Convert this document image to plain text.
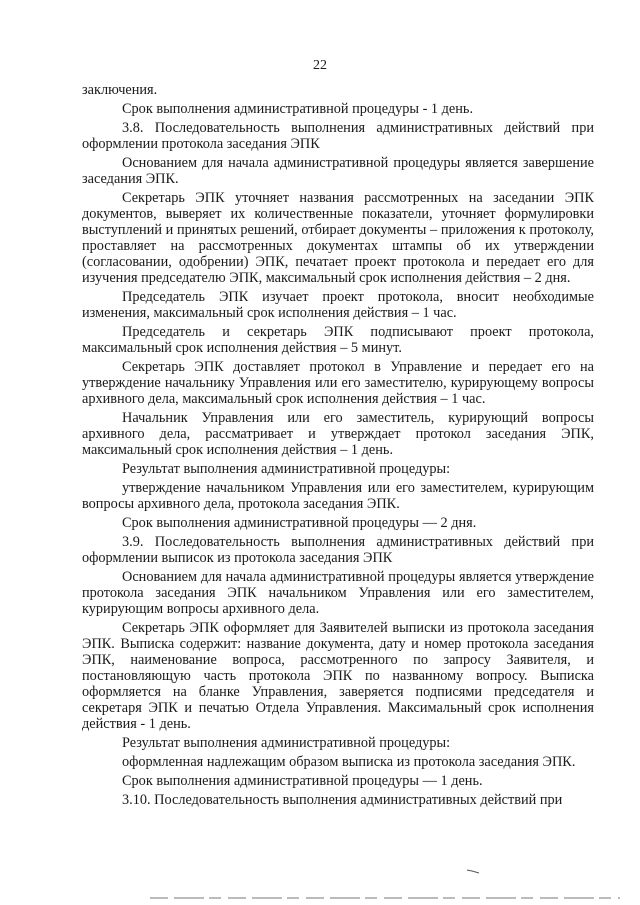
22

заключения.

Срок выполнения административной процедуры - 1 день.

3.8. Последовательность выполнения административных действий при оформлении протокола заседания ЭПК

Основанием для начала административной процедуры является завершение заседания ЭПК.

Секретарь ЭПК уточняет названия рассмотренных на заседании ЭПК документов, выверяет их количественные показатели, уточняет формулировки выступлений и принятых решений, отбирает документы – приложения к протоколу, проставляет на рассмотренных документах штампы об их утверждении (согласовании, одобрении) ЭПК, печатает проект протокола и передает его для изучения председателю ЭПК, максимальный срок исполнения действия – 2 дня.

Председатель ЭПК изучает проект протокола, вносит необходимые изменения, максимальный срок исполнения действия – 1 час.

Председатель и секретарь ЭПК подписывают проект протокола, максимальный срок исполнения действия – 5 минут.

Секретарь ЭПК доставляет протокол в Управление и передает его на утверждение начальнику Управления или его заместителю, курирующему вопросы архивного дела, максимальный срок исполнения действия – 1 час.

Начальник Управления или его заместитель, курирующий вопросы архивного дела, рассматривает и утверждает протокол заседания ЭПК, максимальный срок исполнения действия – 1 день.

Результат выполнения административной процедуры:

утверждение начальником Управления или его заместителем, курирующим вопросы архивного дела, протокола заседания ЭПК.

Срок выполнения административной процедуры — 2 дня.

3.9. Последовательность выполнения административных действий при оформлении выписок из протокола заседания ЭПК

Основанием для начала административной процедуры является утверждение протокола заседания ЭПК начальником Управления или его заместителем, курирующим вопросы архивного дела.

Секретарь ЭПК оформляет для Заявителей выписки из протокола заседания ЭПК. Выписка содержит: название документа, дату и номер протокола заседания ЭПК, наименование вопроса, рассмотренного по запросу Заявителя, и постановляющую часть протокола ЭПК по названному вопросу. Выписка оформляется на бланке Управления, заверяется подписями председателя и секретаря ЭПК и печатью Отдела Управления. Максимальный срок исполнения действия - 1 день.

Результат выполнения административной процедуры:

оформленная надлежащим образом выписка из протокола заседания ЭПК.

Срок выполнения административной процедуры — 1 день.

3.10. Последовательность выполнения административных действий при
